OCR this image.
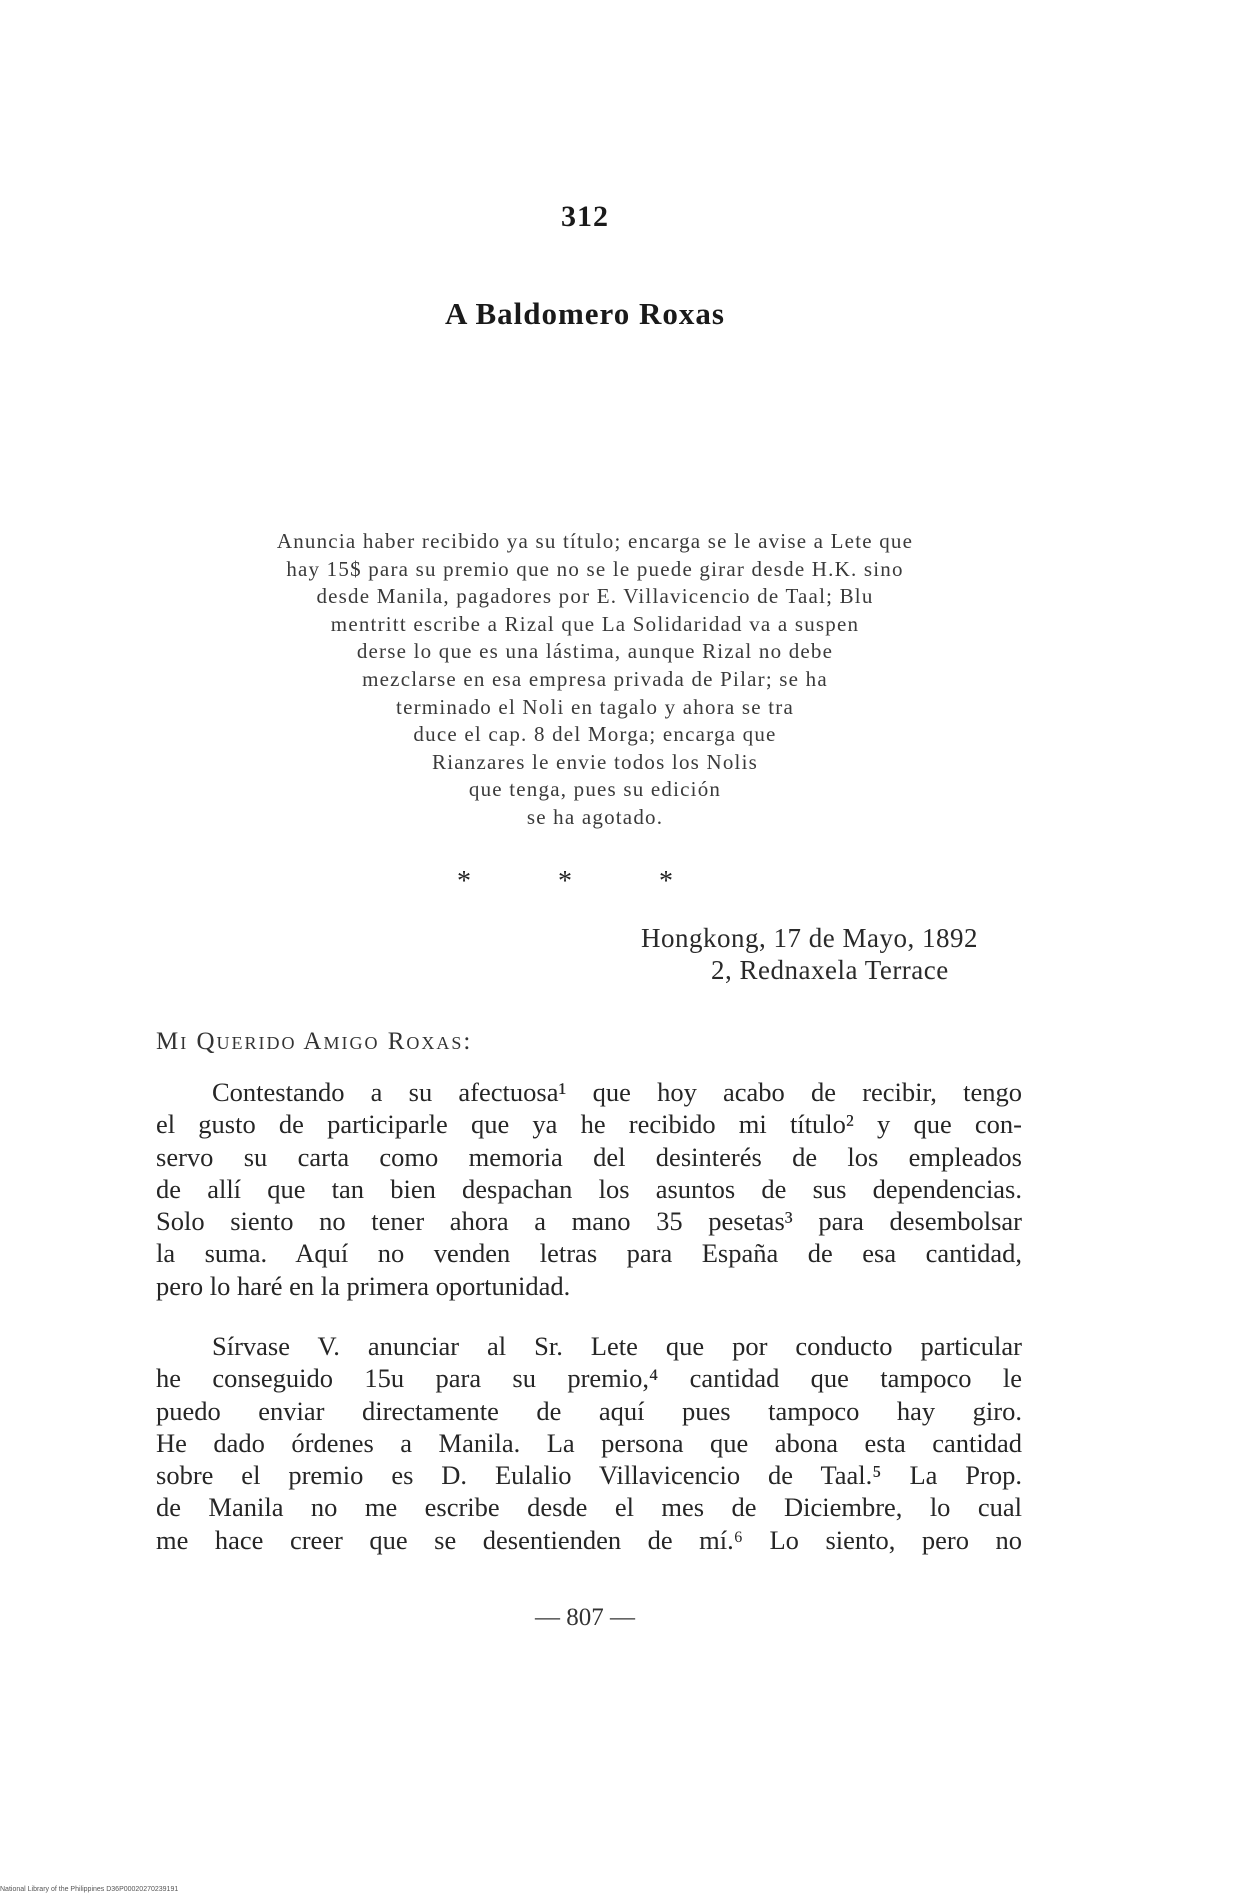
312
A Baldomero Roxas
Anuncia haber recibido ya su título; encarga se le avise a Lete que
hay 15$ para su premio que no se le puede girar desde H.K. sino
desde Manila, pagadores por E. Villavicencio de Taal; Blu
mentritt escribe a Rizal que La Solidaridad va a suspen
derse lo que es una lástima, aunque Rizal no debe
mezclarse en esa empresa privada de Pilar; se ha
terminado el Noli en tagalo y ahora se tra
duce el cap. 8 del Morga; encarga que
Rianzares le envie todos los Nolis
que tenga, pues su edición
se ha agotado.
* * *
Hongkong, 17 de Mayo, 1892
2, Rednaxela Terrace
Mi Querido Amigo Roxas:
Contestando a su afectuosa¹ que hoy acabo de recibir, tengo
el gusto de participarle que ya he recibido mi título² y que con-
servo su carta como memoria del desinterés de los empleados
de allí que tan bien despachan los asuntos de sus dependencias.
Solo siento no tener ahora a mano 35 pesetas³ para desembolsar
la suma. Aquí no venden letras para España de esa cantidad,
pero lo haré en la primera oportunidad.
Sírvase V. anunciar al Sr. Lete que por conducto particular
he conseguido 15u para su premio,⁴ cantidad que tampoco le
puedo enviar directamente de aquí pues tampoco hay giro.
He dado órdenes a Manila. La persona que abona esta cantidad
sobre el premio es D. Eulalio Villavicencio de Taal.⁵ La Prop.
de Manila no me escribe desde el mes de Diciembre, lo cual
me hace creer que se desentienden de mí.⁶ Lo siento, pero no
— 807 —
National Library of the Philippines D36P00020270239191
